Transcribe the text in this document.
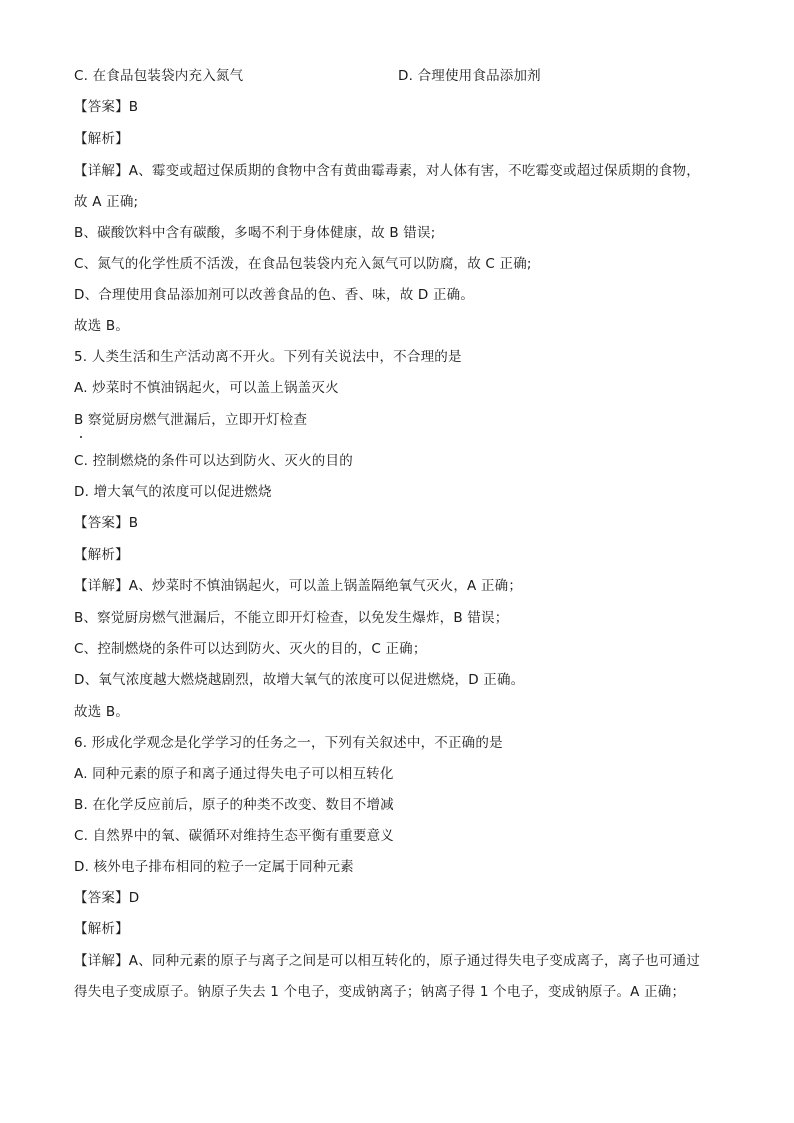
C. 在食品包装袋内充入氮气	D. 合理使用食品添加剂
【答案】B
【解析】
【详解】A、霉变或超过保质期的食物中含有黄曲霉毒素，对人体有害，不吃霉变或超过保质期的食物，
故 A 正确;
B、碳酸饮料中含有碳酸，多喝不利于身体健康，故 B 错误;
C、氮气的化学性质不活泼，在食品包装袋内充入氮气可以防腐，故 C 正确;
D、合理使用食品添加剂可以改善食品的色、香、味，故 D 正确。
故选 B。
5. 人类生活和生产活动离不开火。下列有关说法中，不合理的是
A. 炒菜时不慎油锅起火，可以盖上锅盖灭火
B 察觉厨房燃气泄漏后，立即开灯检查
C. 控制燃烧的条件可以达到防火、灭火的目的
D. 增大氧气的浓度可以促进燃烧
【答案】B
【解析】
【详解】A、炒菜时不慎油锅起火，可以盖上锅盖隔绝氧气灭火，A 正确；
B、察觉厨房燃气泄漏后，不能立即开灯检查，以免发生爆炸，B 错误；
C、控制燃烧的条件可以达到防火、灭火的目的，C 正确；
D、氧气浓度越大燃烧越剧烈，故增大氧气的浓度可以促进燃烧，D 正确。
故选 B。
6. 形成化学观念是化学学习的任务之一，下列有关叙述中，不正确的是
A. 同种元素的原子和离子通过得失电子可以相互转化
B. 在化学反应前后，原子的种类不改变、数目不增减
C. 自然界中的氧、碳循环对维持生态平衡有重要意义
D. 核外电子排布相同的粒子一定属于同种元素
【答案】D
【解析】
【详解】A、同种元素的原子与离子之间是可以相互转化的，原子通过得失电子变成离子，离子也可通过
得失电子变成原子。钠原子失去 1 个电子，变成钠离子；钠离子得 1 个电子，变成钠原子。A 正确；
